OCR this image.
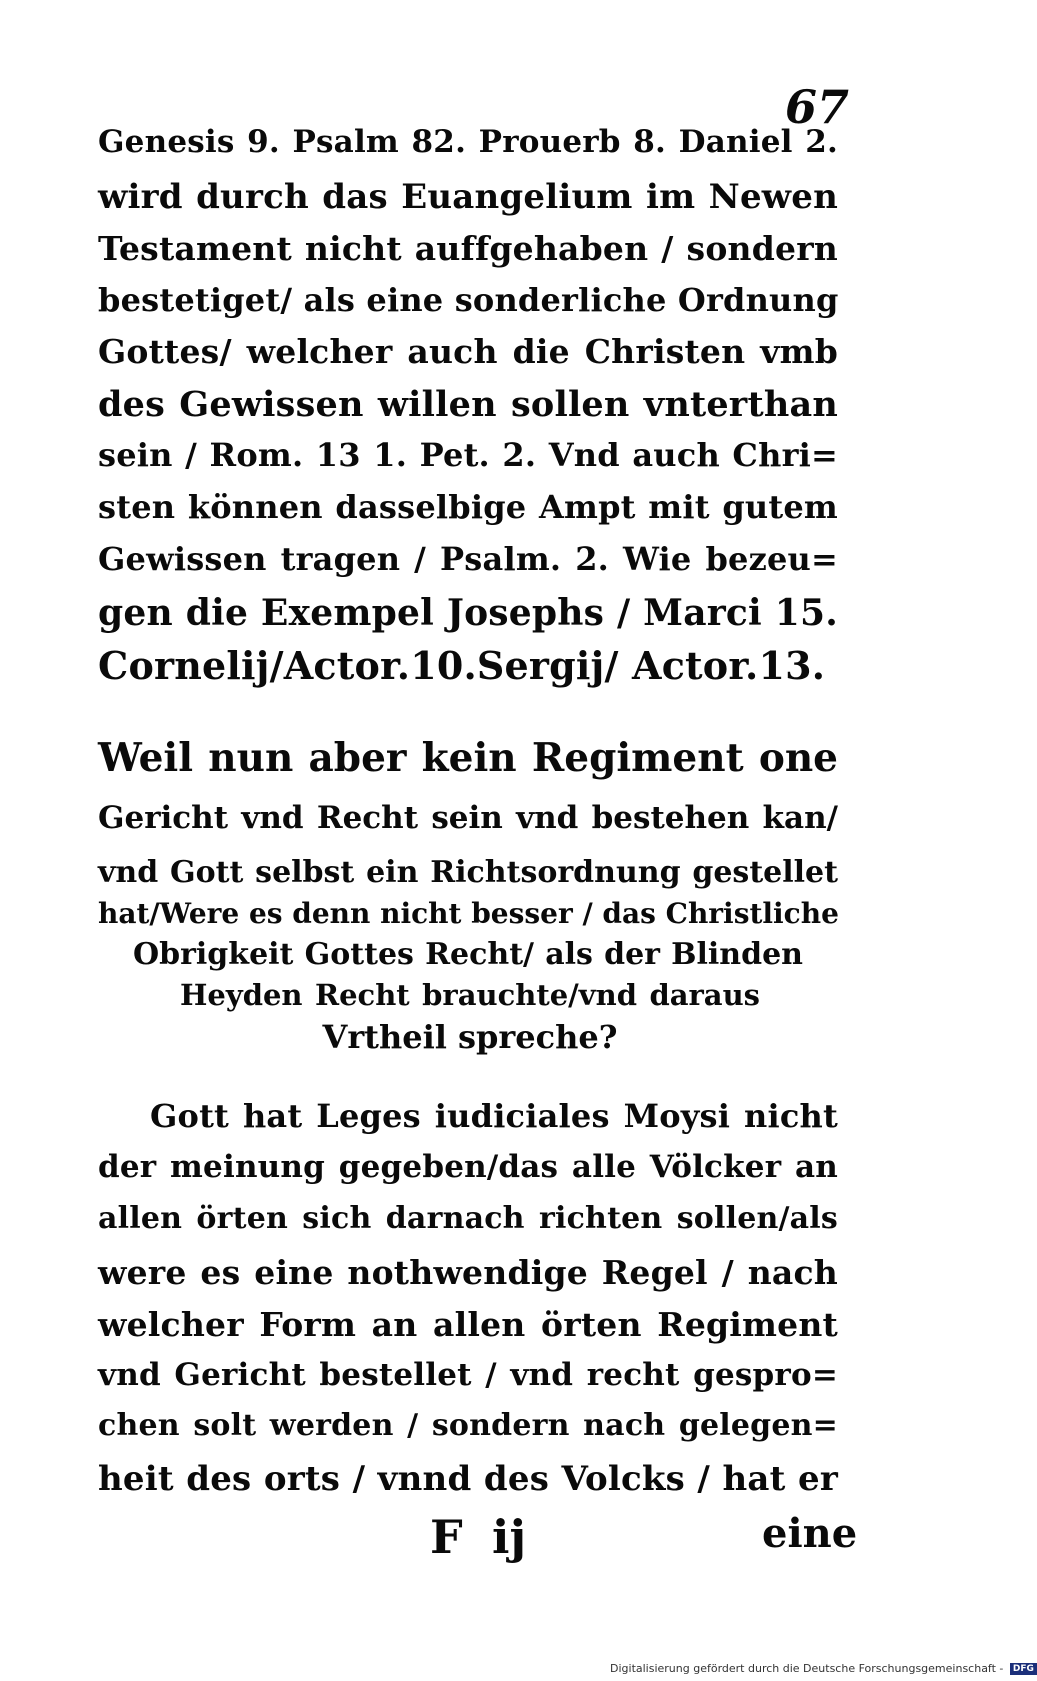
67
Genesis 9. Psalm 82. Prouerb 8. Daniel 2.
wird durch das Euangelium im Newen
Testament nicht auffgehaben / sondern
bestetiget/ als eine sonderliche Ordnung
Gottes/ welcher auch die Christen vmb
des Gewissen willen sollen vnterthan
sein / Rom. 13 1. Pet. 2. Vnd auch Chri=
sten können dasselbige Ampt mit gutem
Gewissen tragen / Psalm. 2. Wie bezeu=
gen die Exempel Josephs / Marci 15.
Cornelij/Actor.10.Sergij/ Actor.13.
Weil nun aber kein Regiment one
Gericht vnd Recht sein vnd bestehen kan/
vnd Gott selbst ein Richtsordnung gestellet
hat/Were es denn nicht besser / das Christliche
Obrigkeit Gottes Recht/ als der Blinden
Heyden Recht brauchte/vnd daraus
Vrtheil spreche?
Gott hat Leges iudiciales Moysi nicht
der meinung gegeben/das alle Völcker an
allen örten sich darnach richten sollen/als
were es eine nothwendige Regel / nach
welcher Form an allen örten Regiment
vnd Gericht bestellet / vnd recht gespro=
chen solt werden / sondern nach gelegen=
heit des orts / vnnd des Volcks / hat er
F ij	eine
Digitalisierung gefördert durch die Deutsche Forschungsgemeinschaft - DFG
